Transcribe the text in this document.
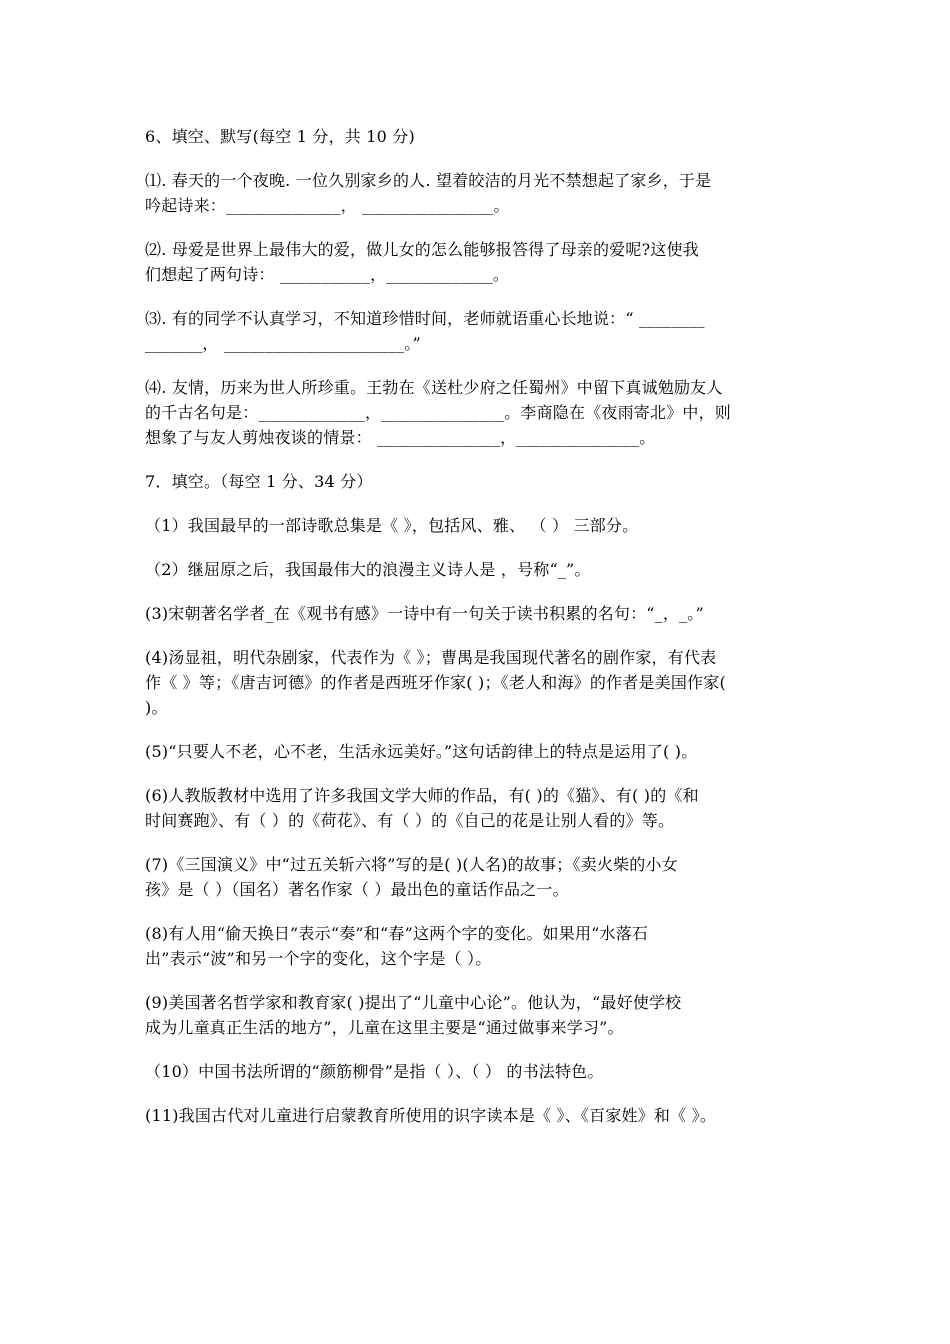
6、填空、默写(每空 1 分，共 10 分)
⑴. 春天的一个夜晚. 一位久别家乡的人. 望着皎洁的月光不禁想起了家乡，于是
吟起诗来：______________， ________________。
⑵. 母爱是世界上最伟大的爱，做儿女的怎么能够报答得了母亲的爱呢?这使我
们想起了两句诗： ___________，_____________。
⑶. 有的同学不认真学习，不知道珍惜时间，老师就语重心长地说：“ ________
_______， ______________________。”
⑷. 友情，历来为世人所珍重。王勃在《送杜少府之任蜀州》中留下真诚勉励友人
的千古名句是：_____________，_______________。李商隐在《夜雨寄北》中，则
想象了与友人剪烛夜谈的情景： _______________，_______________。
7．填空。（每空 1 分、34 分）
（1）我国最早的一部诗歌总集是《 》，包括风、雅、 （ ） 三部分。
（2）继屈原之后，我国最伟大的浪漫主义诗人是 ，号称“_”。
(3)宋朝著名学者_在《观书有感》一诗中有一句关于读书积累的名句：“_，_。”
(4)汤显祖，明代杂剧家，代表作为《 》；曹禺是我国现代著名的剧作家，有代表
作《 》等；《唐吉诃德》的作者是西班牙作家( )；《老人和海》的作者是美国作家(
)。
(5)“只要人不老，心不老，生活永远美好。”这句话韵律上的特点是运用了( )。
(6)人教版教材中选用了许多我国文学大师的作品，有( )的《猫》、有( )的《和
时间赛跑》、有（ ）的《荷花》、有（ ）的《自己的花是让别人看的》等。
(7)《三国演义》中“过五关斩六将”写的是( )(人名)的故事；《卖火柴的小女
孩》是（ ）（国名）著名作家（ ）最出色的童话作品之一。
(8)有人用“偷天换日”表示“奏”和“春”这两个字的变化。如果用“水落石
出”表示“波”和另一个字的变化，这个字是（ ）。
(9)美国著名哲学家和教育家( )提出了“儿童中心论”。他认为，“最好使学校
成为儿童真正生活的地方”，儿童在这里主要是“通过做事来学习”。
（10）中国书法所谓的“颜筋柳骨”是指（ ）、（ ） 的书法特色。
(11)我国古代对儿童进行启蒙教育所使用的识字读本是《 》、《百家姓》和《 》。
